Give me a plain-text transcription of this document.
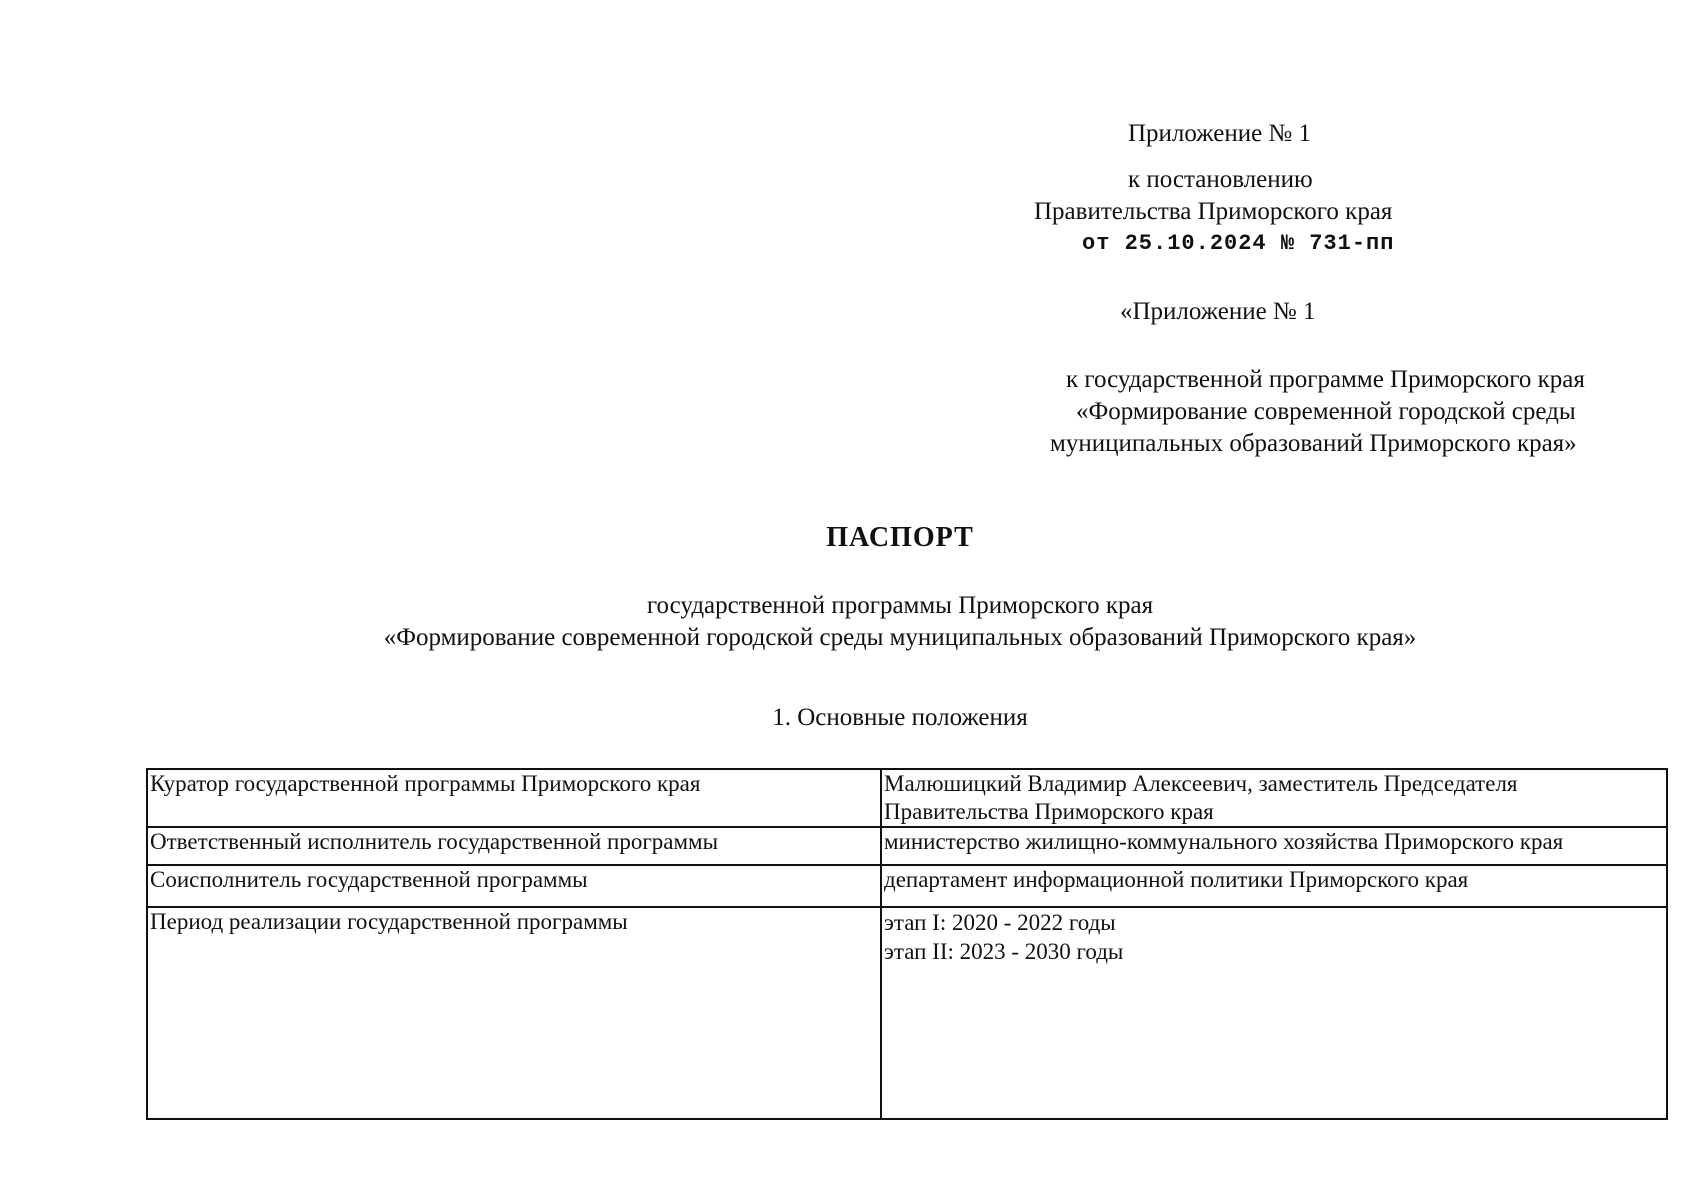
Приложение № 1
к постановлению
Правительства Приморского края
от 25.10.2024 № 731-пп
«Приложение № 1
к государственной программе Приморского края
«Формирование современной городской среды
муниципальных образований Приморского края»
ПАСПОРТ
государственной программы Приморского края
«Формирование современной городской среды муниципальных образований Приморского края»
1. Основные положения
Куратор государственной программы Приморского края	Малюшицкий Владимир Алексеевич, заместитель Председателя
Правительства Приморского края

Ответственный исполнитель государственной программы	министерство жилищно-коммунального хозяйства Приморского края

Соисполнитель государственной программы	департамент информационной политики Приморского края

Период реализации государственной программы	этап I: 2020 - 2022 годы
этап II: 2023 - 2030 годы
